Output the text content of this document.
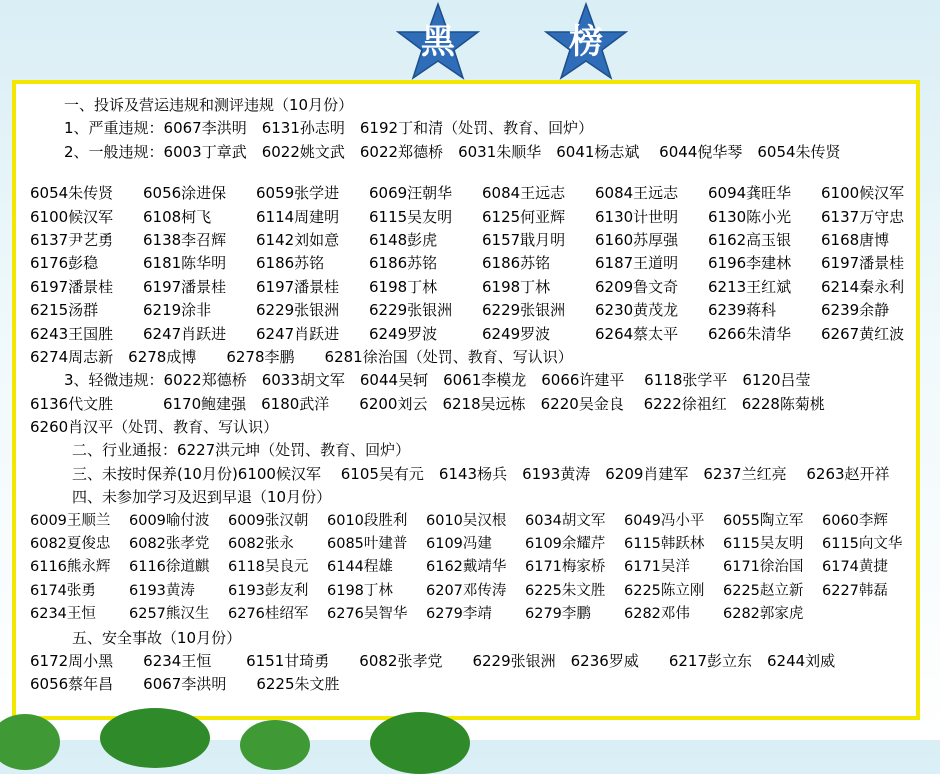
黑	榜
一、投诉及营运违规和测评违规（10月份）
1、严重违规：6067李洪明　6131孙志明　6192丁和清（处罚、教育、回炉）
2、一般违规：6003丁章武　6022姚文武　6022郑德桥　6031朱顺华　6041杨志斌　 6044倪华琴　6054朱传贤
6054朱传贤 6056涂进保 6059张学进 6069汪朝华 6084王远志 6084王远志 6094龚旺华 6100候汉军
6100候汉军 6108柯飞	6114周建明 6115吴友明 6125何亚辉 6130计世明 6130陈小光 6137万守忠
6137尹艺勇 6138李召辉 6142刘如意 6148彭虎	6157戢月明 6160苏厚强 6162高玉银 6168唐博
6176彭稳	6181陈华明 6186苏铭	6186苏铭	6186苏铭	6187王道明 6196李建林 6197潘景桂
6197潘景桂 6197潘景桂 6197潘景桂 6198丁林	6198丁林	6209鲁文奇 6213王红斌 6214秦永利
6215汤群	6219涂非	6229张银洲 6229张银洲 6229张银洲 6230黄茂龙 6239蒋科	6239余静
6243王国胜 6247肖跃进 6247肖跃进 6249罗波	6249罗波	6264蔡太平 6266朱清华 6267黄红波
6274周志新　6278成博　　6278李鹏　　6281徐治国（处罚、教育、写认识）
3、轻微违规：6022郑德桥　6033胡文军　6044吴轲　6061李模龙　6066许建平　 6118张学平　6120吕莹
6136代文胜　　　 6170鲍建强　6180武洋　　6200刘云　6218吴远栋　6220吴金良　 6222徐祖红　6228陈菊桃
6260肖汉平（处罚、教育、写认识）
二、行业通报：6227洪元坤（处罚、教育、回炉）
三、未按时保养(10月份)6100候汉军　 6105吴有元　6143杨兵　6193黄涛　6209肖建军　6237兰红亮　 6263赵开祥
四、未参加学习及迟到早退（10月份）
6009王顺兰 6009喻付波 6009张汉朝 6010段胜利 6010吴汉根 6034胡文军 6049冯小平 6055陶立军 6060李辉
6082夏俊忠 6082张孝党 6082张永 6085叶建普 6109冯建 6109余耀芹 6115韩跃林 6115吴友明 6115向文华
6116熊永辉 6116徐道麒 6118吴良元 6144程雄 6162戴靖华 6171梅家桥 6171吴洋 6171徐治国 6174黄捷
6174张勇 6193黄涛 6193彭友利 6198丁林 6207邓传涛 6225朱文胜 6225陈立刚 6225赵立新 6227韩磊
6234王恒 6257熊汉生 6276桂绍军 6276吴智华 6279李靖 6279李鹏 6282邓伟 6282郭家虎
五、安全事故（10月份）
6172周小黑　　6234王恒　　 6151甘琦勇　　6082张孝党　　6229张银洲　6236罗威　　6217彭立东　6244刘威
6056蔡年昌　　6067李洪明　　6225朱文胜
